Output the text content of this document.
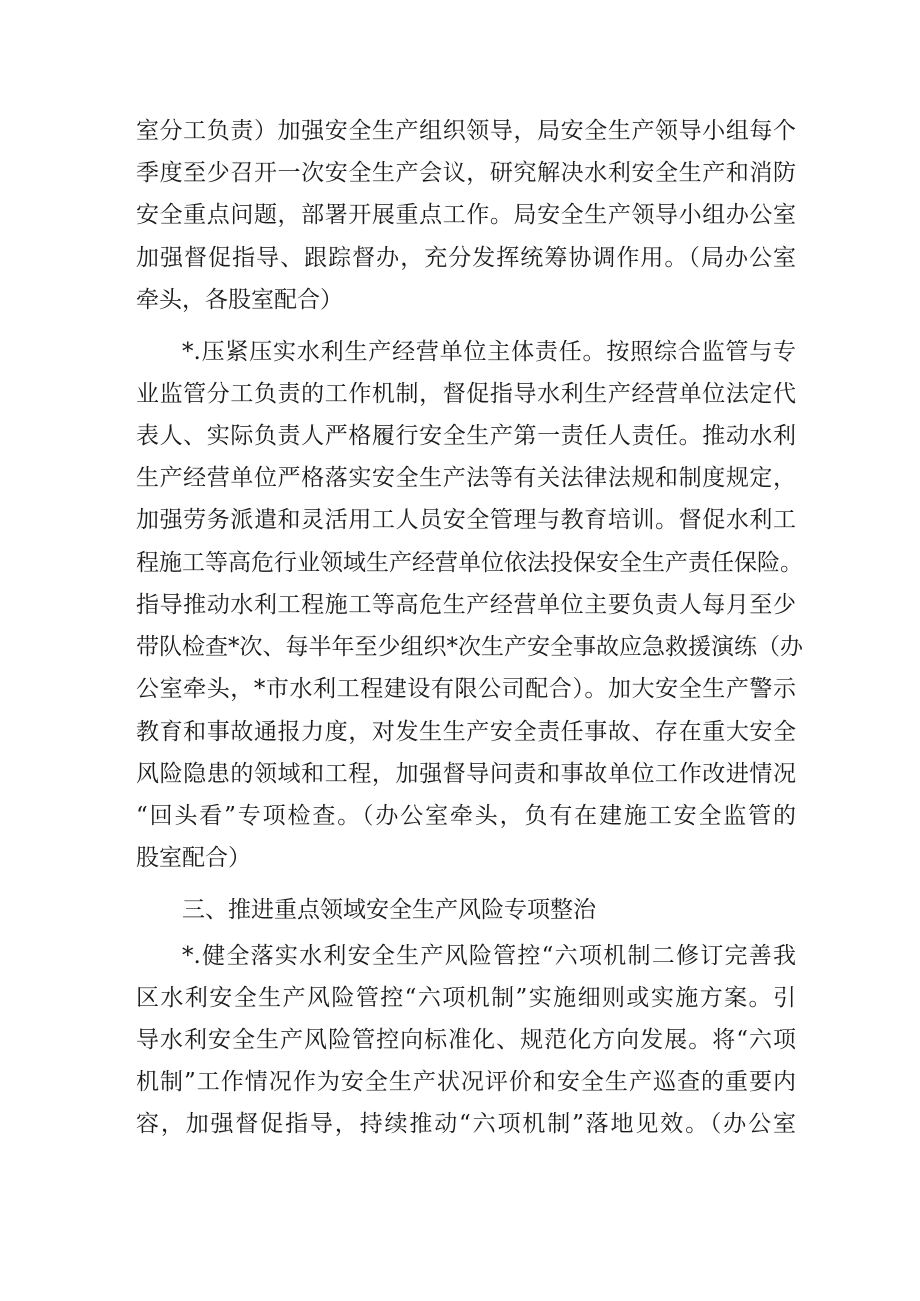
室分工负责）加强安全生产组织领导，局安全生产领导小组每个
季度至少召开一次安全生产会议，研究解决水利安全生产和消防
安全重点问题，部署开展重点工作。局安全生产领导小组办公室
加强督促指导、跟踪督办，充分发挥统筹协调作用。（局办公室
牵头，各股室配合）
*.压紧压实水利生产经营单位主体责任。按照综合监管与专
业监管分工负责的工作机制，督促指导水利生产经营单位法定代
表人、实际负责人严格履行安全生产第一责任人责任。推动水利
生产经营单位严格落实安全生产法等有关法律法规和制度规定，
加强劳务派遣和灵活用工人员安全管理与教育培训。督促水利工
程施工等高危行业领域生产经营单位依法投保安全生产责任保险。
指导推动水利工程施工等高危生产经营单位主要负责人每月至少
带队检查*次、每半年至少组织*次生产安全事故应急救援演练（办
公室牵头，*市水利工程建设有限公司配合）。加大安全生产警示
教育和事故通报力度，对发生生产安全责任事故、存在重大安全
风险隐患的领域和工程，加强督导问责和事故单位工作改进情况
“回头看”专项检查。（办公室牵头，负有在建施工安全监管的
股室配合）
三、推进重点领域安全生产风险专项整治
*.健全落实水利安全生产风险管控“六项机制二修订完善我
区水利安全生产风险管控“六项机制”实施细则或实施方案。引
导水利安全生产风险管控向标准化、规范化方向发展。将“六项
机制”工作情况作为安全生产状况评价和安全生产巡查的重要内
容，加强督促指导，持续推动“六项机制”落地见效。（办公室
